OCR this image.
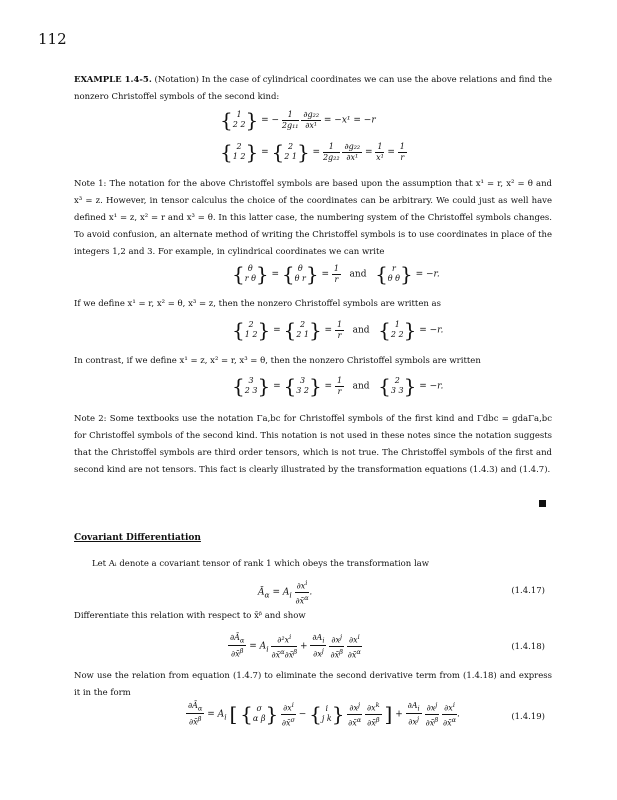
112
EXAMPLE 1.4-5. (Notation) In the case of cylindrical coordinates we can use the above relations and find the nonzero Christoffel symbols of the second kind:
{ 1
2 2} = − $\frac{1}{\text{2g₁₁}}$
$\frac{\text{∂g₂₂}}{\text{∂x¹}} = -x^1 = -r$
{ 2
1 2} = { 2
2 $1\} = \frac{1}{\text{2g₂₂}}$
$\frac{\text{∂g₂₂}}{\text{∂x¹}} = \frac{1}{\text{x¹}} = \frac{1}{r}$
Note 1: The notation for the above Christoffel symbols are based upon the assumption that x¹ = r, x² = θ and x³ = z. However, in tensor calculus the choice of the coordinates can be arbitrary. We could just as well have defined x¹ = z, x² = r and x³ = θ. In this latter case, the numbering system of the Christoffel symbols changes. To avoid confusion, an alternate method of writing the Christoffel symbols is to use coordinates in place of the integers 1,2 and 3. For example, in cylindrical coordinates we can write
{ θ
r θ} = { θ
θ $r\} = \frac{1}{r}$ and { r
θ θ} = −r.
If we define x¹ = r, x² = θ, x³ = z, then the nonzero Christoffel symbols are written as
{ 2
1 2} = { 2
2 $1\} = \frac{1}{r}$ and { 1
2 2} = −r.
In contrast, if we define x¹ = z, x² = r, x³ = θ, then the nonzero Christoffel symbols are written
{ 3
2 3} = { 3
3 $2\} = \frac{1}{r}$ and { 2
3 3} = −r.
Note 2: Some textbooks use the notation Γa,bc for Christoffel symbols of the first kind and Γdbc = gdaΓa,bc for Christoffel symbols of the second kind. This notation is not used in these notes since the notation suggests that the Christoffel symbols are third order tensors, which is not true. The Christoffel symbols of the first and second kind are not tensors. This fact is clearly illustrated by the transformation equations (1.4.3) and (1.4.7).
Covariant Differentiation
Let Aᵢ denote a covariant tensor of rank 1 which obeys the transformation law
$Ā_\alpha = A_i \frac{\partial x^i}{\partial x̄^\alpha}$ .	(1.4.17)
Differentiate this relation with respect to x̄ᵝ and show
$\frac{\partial Ā_\alpha}{\partial x̄^\beta} = A_i \frac{\partial^2x^i}{\partial x̄^\alpha\partial x̄^\beta} + \frac{\partial A_i}{\partial x^j}$
$\frac{\partial x^j}{\partial x̄^\beta}$
$\frac{\partial x^i}{\partial x̄^\alpha}$	(1.4.18)
Now use the relation from equation (1.4.7) to eliminate the second derivative term from (1.4.18) and express it in the form
$\frac{\partial Ā_\alpha}{\partial x̄^\beta} = A_i$ [ { σ
α $\beta\} \frac{\partial x^i}{\partial x̄^\sigma}$ − { i
j $k\} \frac{\partial x^j}{\partial x̄^\alpha}$
$\frac{\partial x^k}{\partial x̄^\beta}$ ] + $\frac{\partial A_i}{\partial x^j}$
$\frac{\partial x^j}{\partial x̄^\beta}$
$\frac{\partial x^i}{\partial x̄^\alpha}$ .	(1.4.19)
